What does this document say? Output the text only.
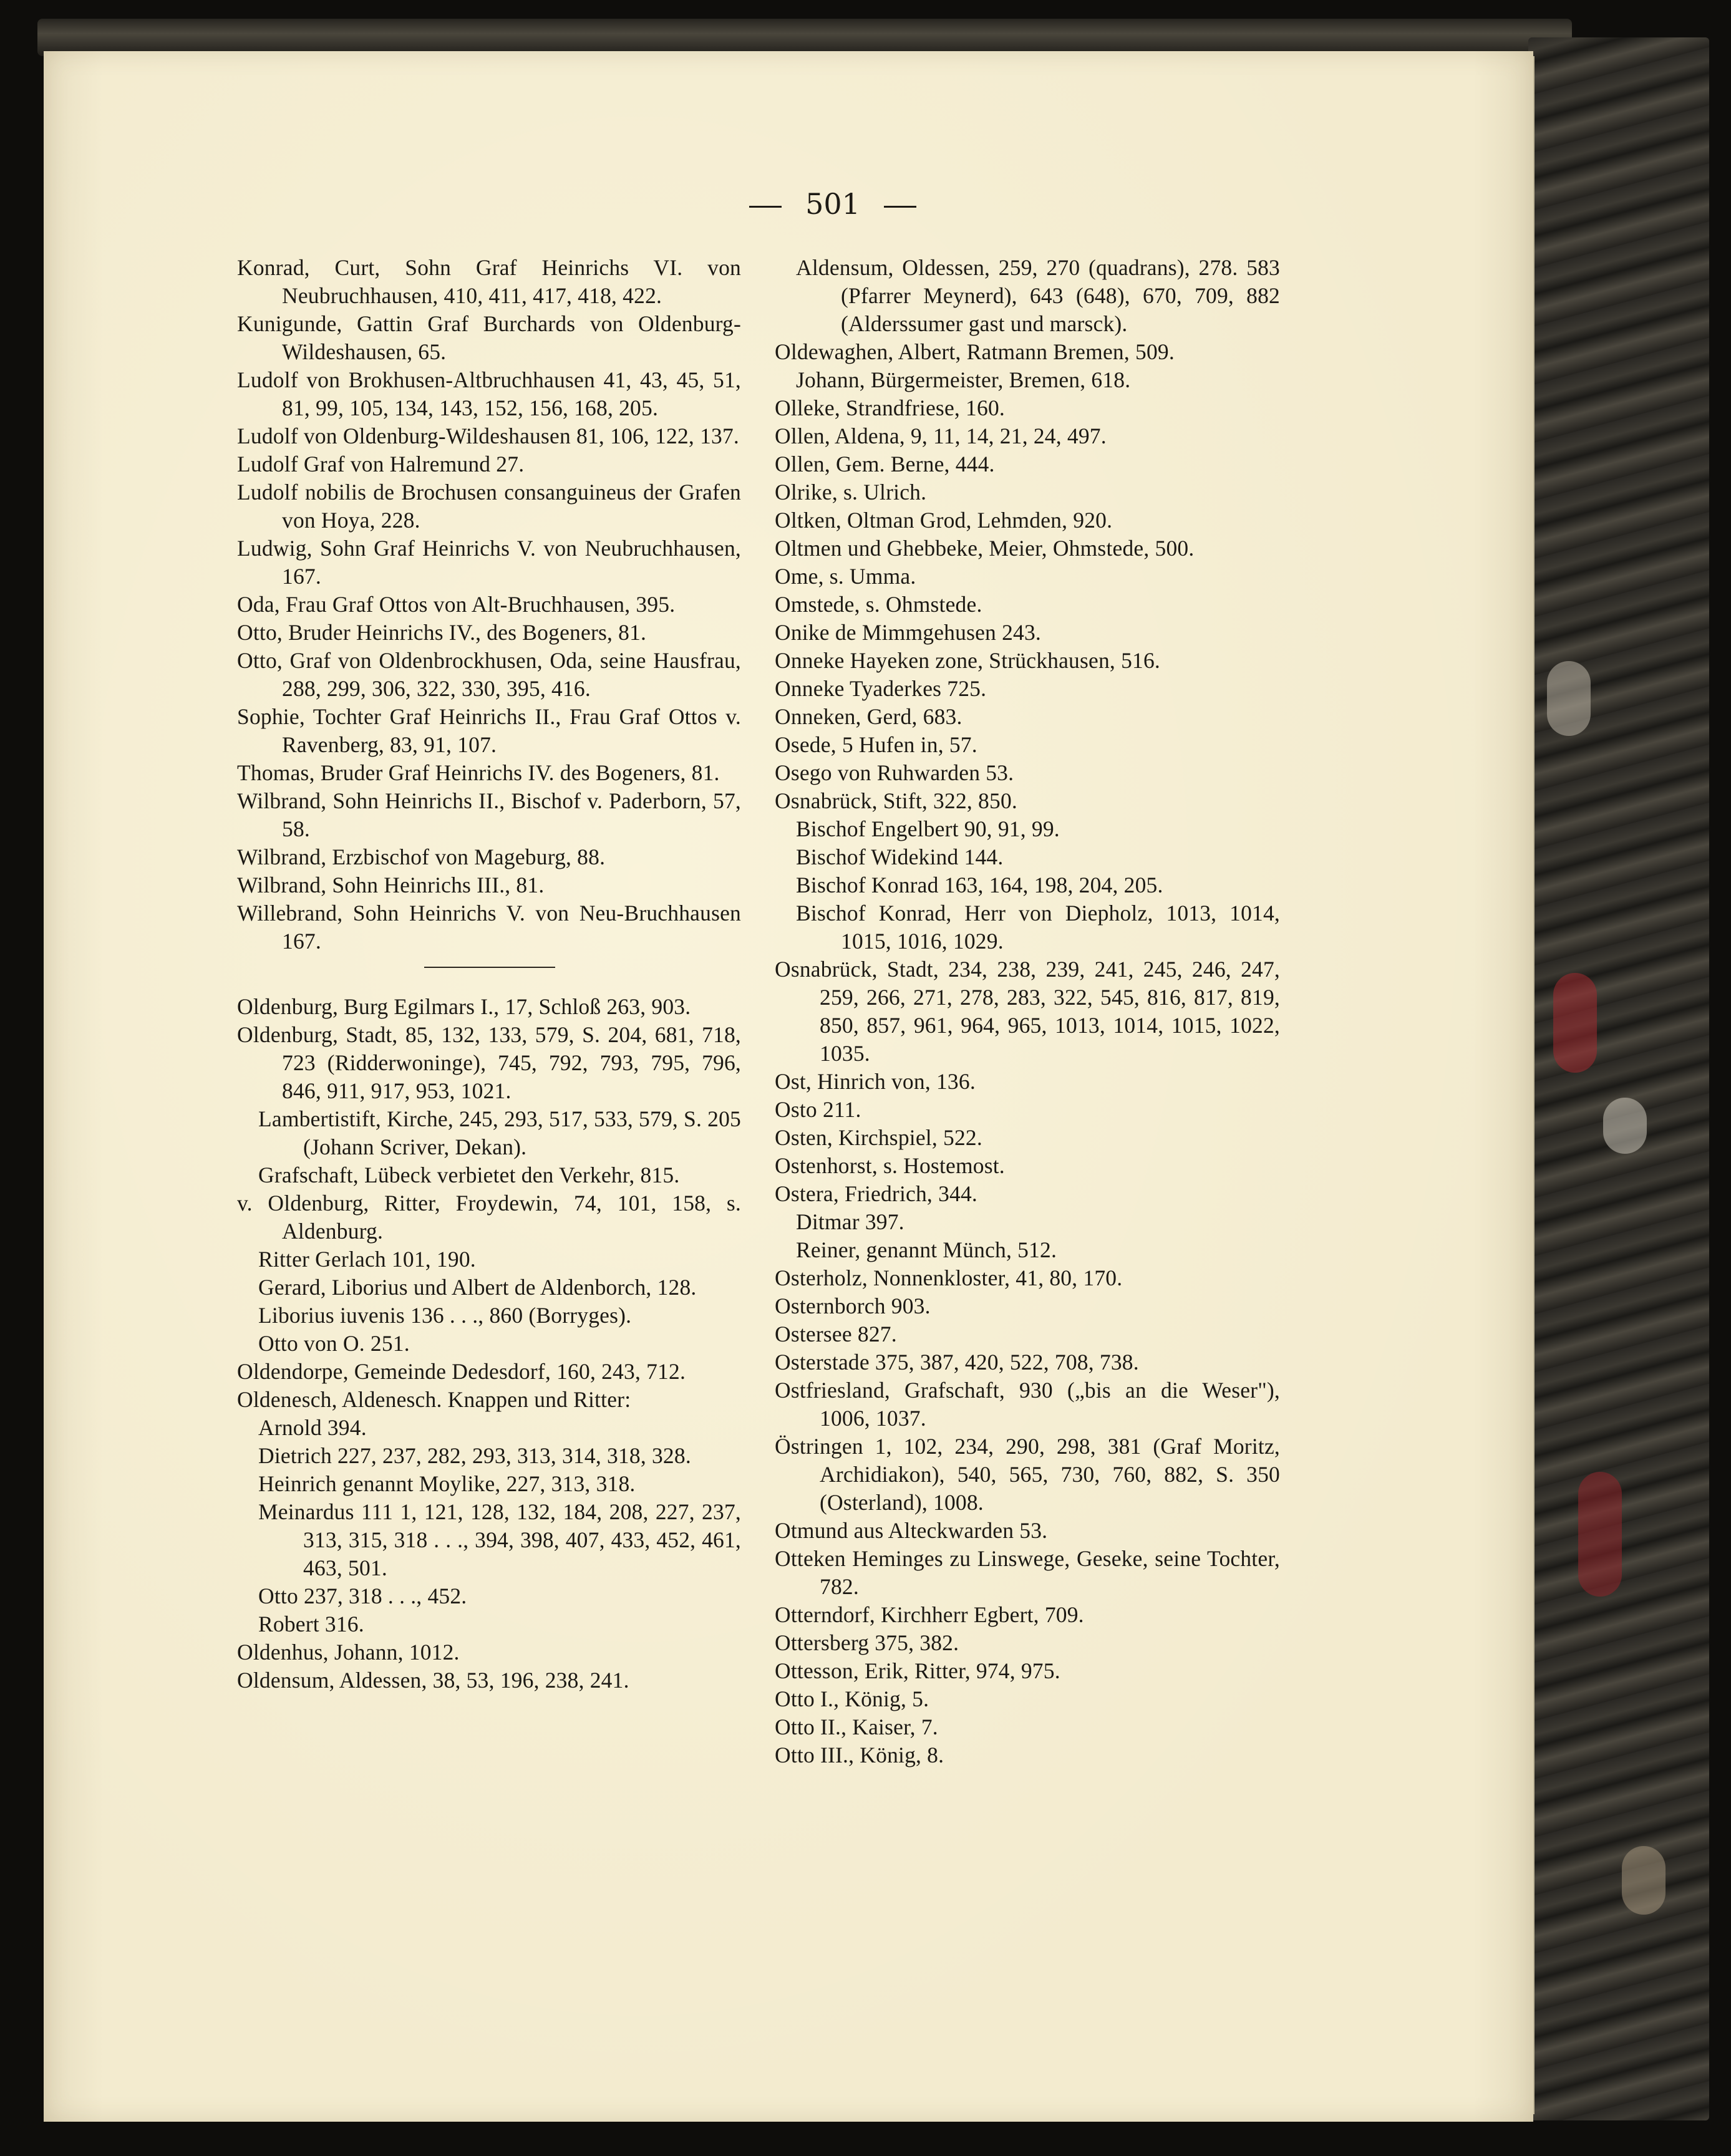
501

Konrad, Curt, Sohn Graf Heinrichs VI. von Neubruchhausen, 410, 411, 417, 418, 422.

Kunigunde, Gattin Graf Burchards von Oldenburg-Wildeshausen, 65.

Ludolf von Brokhusen-Altbruchhausen 41, 43, 45, 51, 81, 99, 105, 134, 143, 152, 156, 168, 205.

Ludolf von Oldenburg-Wildeshausen 81, 106, 122, 137.

Ludolf Graf von Halremund 27.

Ludolf nobilis de Brochusen consanguineus der Grafen von Hoya, 228.

Ludwig, Sohn Graf Heinrichs V. von Neubruchhausen, 167.

Oda, Frau Graf Ottos von Alt-Bruchhausen, 395.

Otto, Bruder Heinrichs IV., des Bogeners, 81.

Otto, Graf von Oldenbrockhusen, Oda, seine Hausfrau, 288, 299, 306, 322, 330, 395, 416.

Sophie, Tochter Graf Heinrichs II., Frau Graf Ottos v. Ravenberg, 83, 91, 107.

Thomas, Bruder Graf Heinrichs IV. des Bogeners, 81.

Wilbrand, Sohn Heinrichs II., Bischof v. Paderborn, 57, 58.

Wilbrand, Erzbischof von Mageburg, 88.

Wilbrand, Sohn Heinrichs III., 81.

Willebrand, Sohn Heinrichs V. von Neu-Bruchhausen 167.

Oldenburg, Burg Egilmars I., 17, Schloß 263, 903.

Oldenburg, Stadt, 85, 132, 133, 579, S. 204, 681, 718, 723 (Ridderwoninge), 745, 792, 793, 795, 796, 846, 911, 917, 953, 1021.

Lambertistift, Kirche, 245, 293, 517, 533, 579, S. 205 (Johann Scriver, Dekan).

Grafschaft, Lübeck verbietet den Verkehr, 815.

v. Oldenburg, Ritter, Froydewin, 74, 101, 158, s. Aldenburg.

Ritter Gerlach 101, 190.

Gerard, Liborius und Albert de Aldenborch, 128.

Liborius iuvenis 136 . . ., 860 (Borryges).

Otto von O. 251.

Oldendorpe, Gemeinde Dedesdorf, 160, 243, 712.

Oldenesch, Aldenesch. Knappen und Ritter:

Arnold 394.

Dietrich 227, 237, 282, 293, 313, 314, 318, 328.

Heinrich genannt Moylike, 227, 313, 318.

Meinardus 111 1, 121, 128, 132, 184, 208, 227, 237, 313, 315, 318 . . ., 394, 398, 407, 433, 452, 461, 463, 501.

Otto 237, 318 . . ., 452.

Robert 316.

Oldenhus, Johann, 1012.

Oldensum, Aldessen, 38, 53, 196, 238, 241.

Aldensum, Oldessen, 259, 270 (quadrans), 278. 583 (Pfarrer Meynerd), 643 (648), 670, 709, 882 (Alderssumer gast und marsck).

Oldewaghen, Albert, Ratmann Bremen, 509.

Johann, Bürgermeister, Bremen, 618.

Olleke, Strandfriese, 160.

Ollen, Aldena, 9, 11, 14, 21, 24, 497.

Ollen, Gem. Berne, 444.

Olrike, s. Ulrich.

Oltken, Oltman Grod, Lehmden, 920.

Oltmen und Ghebbeke, Meier, Ohmstede, 500.

Ome, s. Umma.

Omstede, s. Ohmstede.

Onike de Mimmgehusen 243.

Onneke Hayeken zone, Strückhausen, 516.

Onneke Tyaderkes 725.

Onneken, Gerd, 683.

Osede, 5 Hufen in, 57.

Osego von Ruhwarden 53.

Osnabrück, Stift, 322, 850.

Bischof Engelbert 90, 91, 99.

Bischof Widekind 144.

Bischof Konrad 163, 164, 198, 204, 205.

Bischof Konrad, Herr von Diepholz, 1013, 1014, 1015, 1016, 1029.

Osnabrück, Stadt, 234, 238, 239, 241, 245, 246, 247, 259, 266, 271, 278, 283, 322, 545, 816, 817, 819, 850, 857, 961, 964, 965, 1013, 1014, 1015, 1022, 1035.

Ost, Hinrich von, 136.

Osto 211.

Osten, Kirchspiel, 522.

Ostenhorst, s. Hostemost.

Ostera, Friedrich, 344.

Ditmar 397.

Reiner, genannt Münch, 512.

Osterholz, Nonnenkloster, 41, 80, 170.

Osternborch 903.

Ostersee 827.

Osterstade 375, 387, 420, 522, 708, 738.

Ostfriesland, Grafschaft, 930 („bis an die Weser"), 1006, 1037.

Östringen 1, 102, 234, 290, 298, 381 (Graf Moritz, Archidiakon), 540, 565, 730, 760, 882, S. 350 (Osterland), 1008.

Otmund aus Alteckwarden 53.

Otteken Heminges zu Linswege, Geseke, seine Tochter, 782.

Otterndorf, Kirchherr Egbert, 709.

Ottersberg 375, 382.

Ottesson, Erik, Ritter, 974, 975.

Otto I., König, 5.

Otto II., Kaiser, 7.

Otto III., König, 8.
